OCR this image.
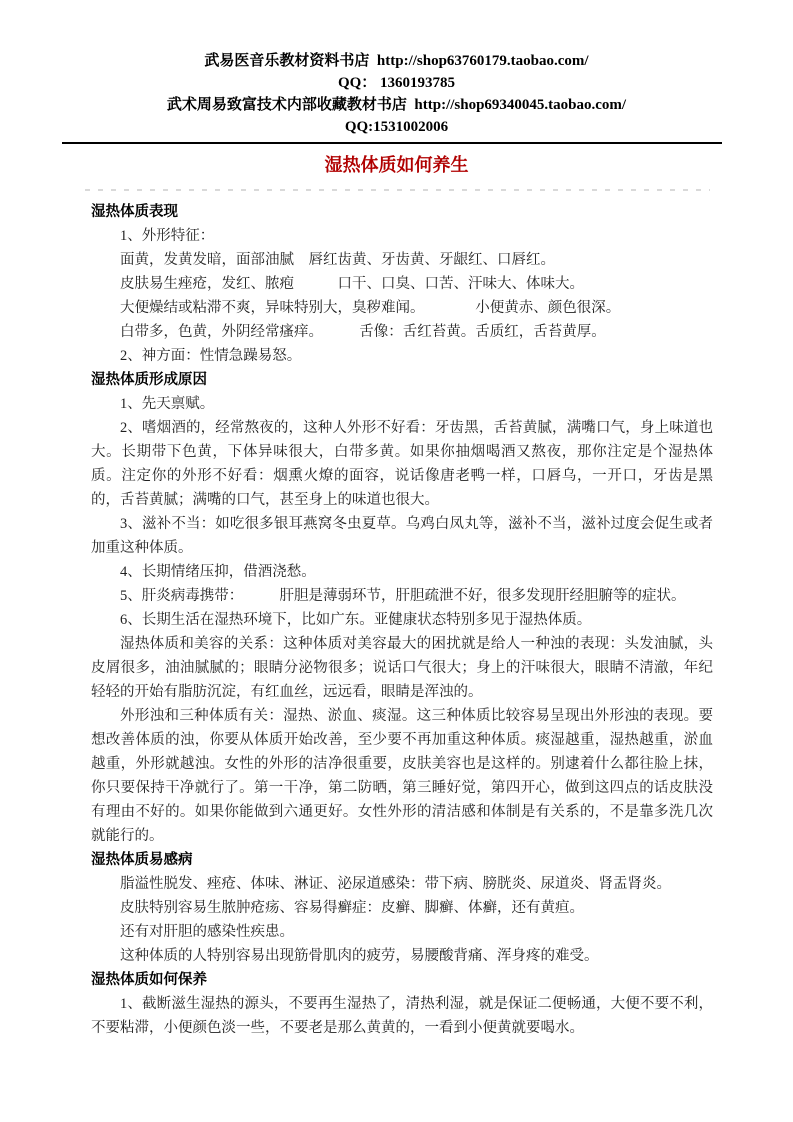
武易医音乐教材资料书店  http://shop63760179.taobao.com/
QQ： 1360193785
武术周易致富技术内部收藏教材书店  http://shop69340045.taobao.com/
QQ:1531002006
湿热体质如何养生
湿热体质表现

1、外形特征：

面黄，发黄发暗，面部油腻　唇红齿黄、牙齿黄、牙龈红、口唇红。

皮肤易生痤疮，发红、脓疱　　　口干、口臭、口苦、汗味大、体味大。

大便燥结或粘滞不爽，异味特别大，臭秽难闻。　　　　小便黄赤、颜色很深。

白带多，色黄，外阴经常瘙痒。　　　舌像：舌红苔黄。舌质红，舌苔黄厚。

2、神方面：性情急躁易怒。

湿热体质形成原因

1、先天禀赋。

2、嗜烟酒的，经常熬夜的，这种人外形不好看：牙齿黑，舌苔黄腻，满嘴口气，身上味道也大。长期带下色黄，下体异味很大，白带多黄。如果你抽烟喝酒又熬夜，那你注定是个湿热体质。注定你的外形不好看：烟熏火燎的面容，说话像唐老鸭一样，口唇乌，一开口，牙齿是黑的，舌苔黄腻；满嘴的口气，甚至身上的味道也很大。

3、滋补不当：如吃很多银耳燕窝冬虫夏草。乌鸡白凤丸等，滋补不当，滋补过度会促生或者加重这种体质。

4、长期情绪压抑，借酒浇愁。

5、肝炎病毒携带：　　　肝胆是薄弱环节，肝胆疏泄不好，很多发现肝经胆腑等的症状。

6、长期生活在湿热环境下，比如广东。亚健康状态特别多见于湿热体质。

湿热体质和美容的关系：这种体质对美容最大的困扰就是给人一种浊的表现：头发油腻，头皮屑很多，油油腻腻的；眼睛分泌物很多；说话口气很大；身上的汗味很大，眼睛不清澈，年纪轻轻的开始有脂肪沉淀，有红血丝，远远看，眼睛是浑浊的。

外形浊和三种体质有关：湿热、淤血、痰湿。这三种体质比较容易呈现出外形浊的表现。要想改善体质的浊，你要从体质开始改善，至少要不再加重这种体质。痰湿越重，湿热越重，淤血越重，外形就越浊。女性的外形的洁净很重要，皮肤美容也是这样的。别逮着什么都往脸上抹，你只要保持干净就行了。第一干净，第二防晒，第三睡好觉，第四开心，做到这四点的话皮肤没有理由不好的。如果你能做到六通更好。女性外形的清洁感和体制是有关系的，不是靠多洗几次就能行的。

湿热体质易感病

脂溢性脱发、痤疮、体味、淋证、泌尿道感染：带下病、膀胱炎、尿道炎、肾盂肾炎。

皮肤特别容易生脓肿疮疡、容易得癣症：皮癣、脚癣、体癣，还有黄疸。

还有对肝胆的感染性疾患。

这种体质的人特别容易出现筋骨肌肉的疲劳，易腰酸背痛、浑身疼的难受。

湿热体质如何保养

1、截断滋生湿热的源头，不要再生湿热了，清热利湿，就是保证二便畅通，大便不要不利，不要粘滞，小便颜色淡一些，不要老是那么黄黄的，一看到小便黄就要喝水。
